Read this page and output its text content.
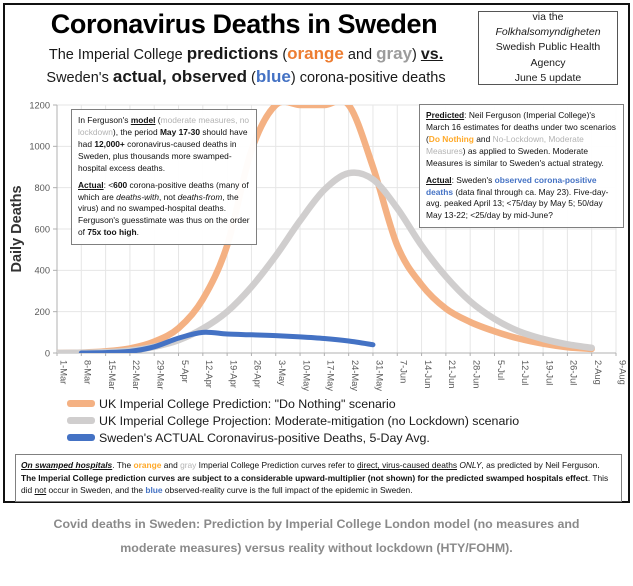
Coronavirus Deaths in Sweden
The Imperial College predictions (orange and gray) vs.
Sweden's actual, observed (blue) corona-positive deaths
via the
Folkhalsomyndigheten
Swedish Public Health Agency
June 5 update
0
200
400
600
800
1000
1200
Daily Deaths
1-Mar 8-Mar 15-Mar 22-Mar 29-Mar 5-Apr 12-Apr 19-Apr 26-Apr 3-May 10-May 17-May 24-May 31-May 7-Jun 14-Jun 21-Jun 28-Jun 5-Jul 12-Jul 19-Jul 26-Jul 2-Aug 9-Aug

In Ferguson's model (moderate measures, no lockdown), the period May 17-30 should have had 12,000+ coronavirus-caused deaths in Sweden, plus thousands more swamped-hospital excess deaths.

Actual: <600 corona-positive deaths (many of which are deaths-with, not deaths-from, the virus) and no swamped-hospital deaths. Ferguson's guesstimate was thus on the order of 75x too high.

Predicted: Neil Ferguson (Imperial College)'s March 16 estimates for deaths under two scenarios (Do Nothing and No-Lockdown, Moderate Measures) as applied to Sweden. Moderate Measures is similar to Sweden's actual strategy.

Actual: Sweden's observed corona-positive deaths (data final through ca. May 23). Five-day-avg. peaked April 13; <75/day by May 5; 50/day May 13-22; <25/day by mid-June?

UK Imperial College Prediction: "Do Nothing" scenario
UK Imperial College Projection: Moderate-mitigation (no Lockdown) scenario
Sweden's ACTUAL Coronavirus-positive Deaths, 5-Day Avg.
On swamped hospitals. The orange and gray Imperial College Prediction curves refer to direct, virus-caused deaths ONLY, as predicted by Neil Ferguson. The Imperial College prediction curves are subject to a considerable upward-multiplier (not shown) for the predicted swamped hospitals effect. This did not occur in Sweden, and the blue observed-reality curve is the full impact of the epidemic in Sweden.
Covid deaths in Sweden: Prediction by Imperial College London model (no measures and moderate measures) versus reality without lockdown (HTY/FOHM).
